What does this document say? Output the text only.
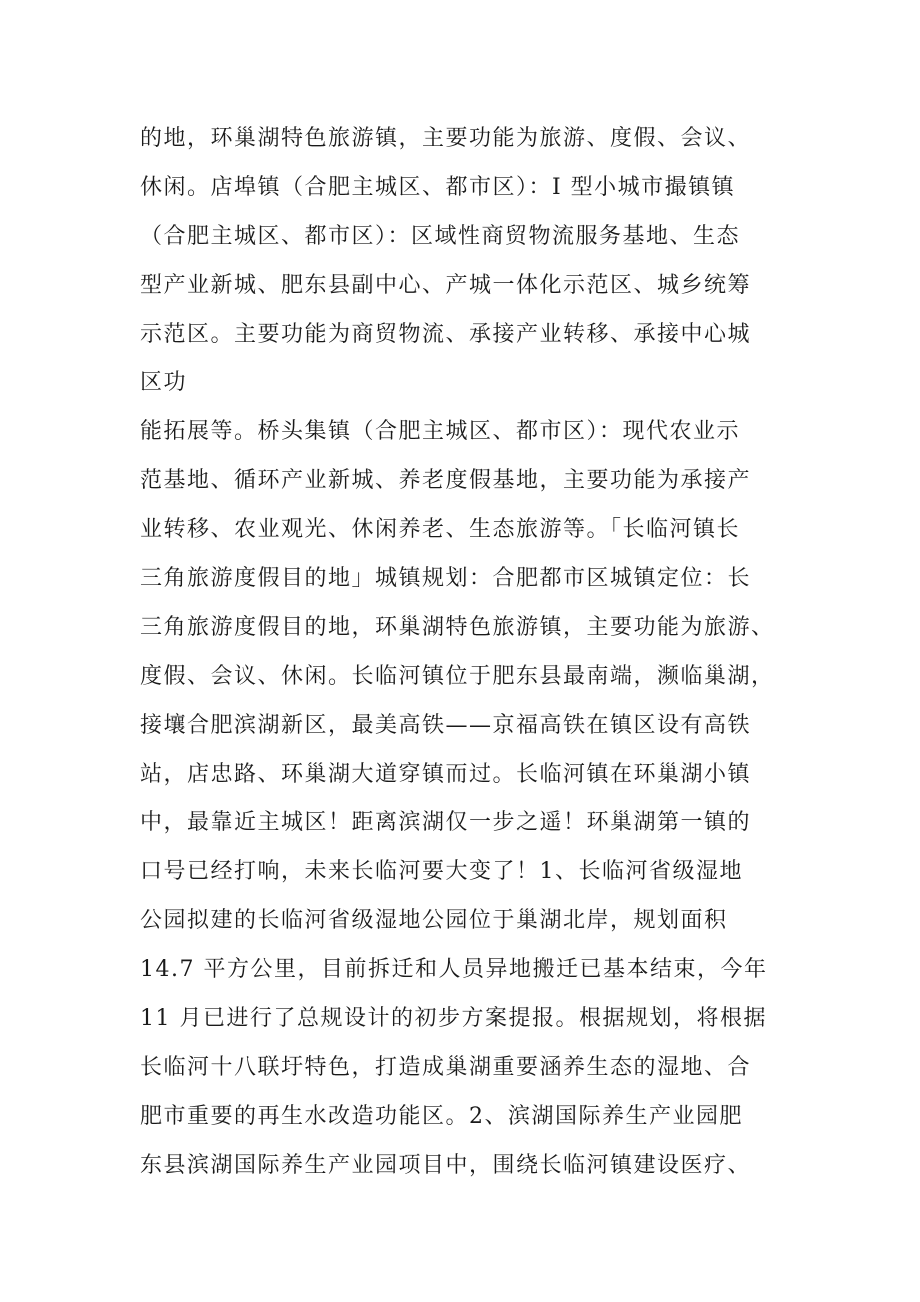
的地，环巢湖特色旅游镇，主要功能为旅游、度假、会议、
休闲。店埠镇（合肥主城区、都市区）：I 型小城市撮镇镇
（合肥主城区、都市区）：区域性商贸物流服务基地、生态
型产业新城、肥东县副中心、产城一体化示范区、城乡统筹
示范区。主要功能为商贸物流、承接产业转移、承接中心城
区功
能拓展等。桥头集镇（合肥主城区、都市区）：现代农业示
范基地、循环产业新城、养老度假基地，主要功能为承接产
业转移、农业观光、休闲养老、生态旅游等。「长临河镇长
三角旅游度假目的地」城镇规划：合肥都市区城镇定位：长
三角旅游度假目的地，环巢湖特色旅游镇，主要功能为旅游、
度假、会议、休闲。长临河镇位于肥东县最南端，濒临巢湖，
接壤合肥滨湖新区，最美高铁——京福高铁在镇区设有高铁
站，店忠路、环巢湖大道穿镇而过。长临河镇在环巢湖小镇
中，最靠近主城区！距离滨湖仅一步之遥！环巢湖第一镇的
口号已经打响，未来长临河要大变了！1、长临河省级湿地
公园拟建的长临河省级湿地公园位于巢湖北岸，规划面积
14.7 平方公里，目前拆迁和人员异地搬迁已基本结束，今年
11 月已进行了总规设计的初步方案提报。根据规划，将根据
长临河十八联圩特色，打造成巢湖重要涵养生态的湿地、合
肥市重要的再生水改造功能区。2、滨湖国际养生产业园肥
东县滨湖国际养生产业园项目中，围绕长临河镇建设医疗、
